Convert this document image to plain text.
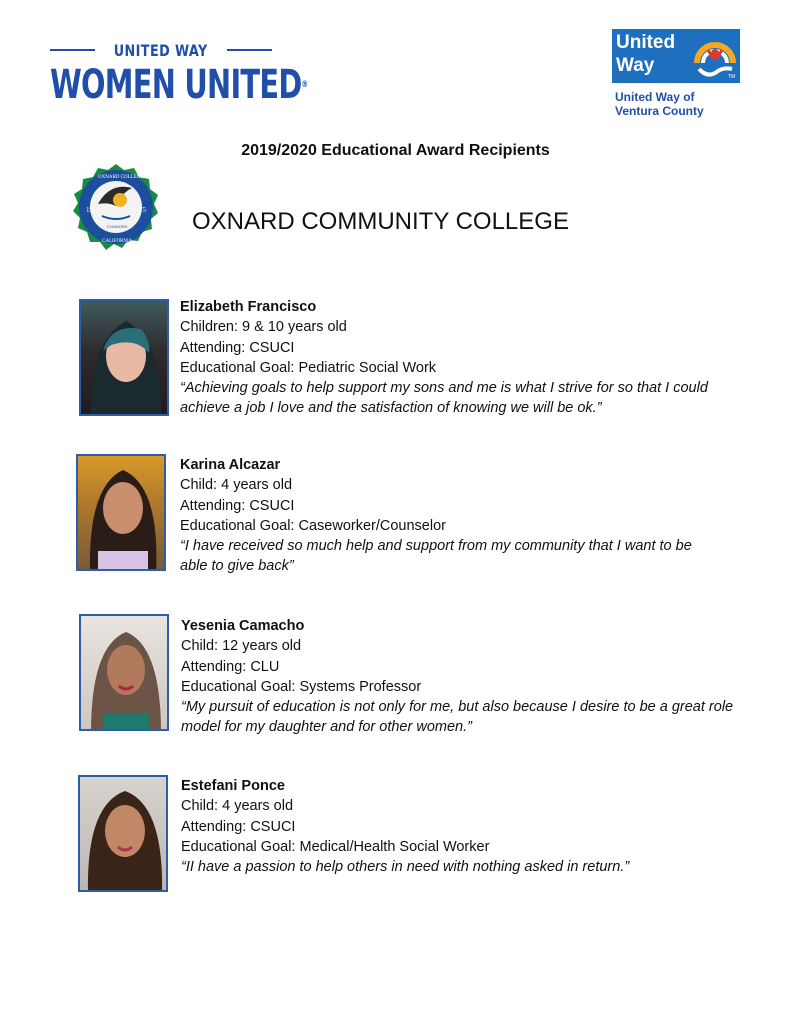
UNITED WAY
WOMEN UNITED®
United
Way
TM
United Way of
Ventura County
2019/2020 Educational Award Recipients
19	75
CONDORS
OXNARD COLLEGE
CALIFORNIA
OXNARD COMMUNITY COLLEGE
Elizabeth Francisco
Children: 9 & 10 years old
Attending: CSUCI
Educational Goal: Pediatric Social Work
“Achieving goals to help support my sons and me is what I strive for so that I could achieve a job I love and the satisfaction of knowing we will be ok.”
Karina Alcazar
Child: 4 years old
Attending: CSUCI
Educational Goal: Caseworker/Counselor
“I have received so much help and support from my community that I want to be able to give back”
Yesenia Camacho
Child: 12 years old
Attending: CLU
Educational Goal: Systems Professor
“My pursuit of education is not only for me, but also because I desire to be a great role model for my daughter and for other women.”
Estefani Ponce
Child: 4 years old
Attending: CSUCI
Educational Goal: Medical/Health Social Worker
“II have a passion to help others in need with nothing asked in return.”
